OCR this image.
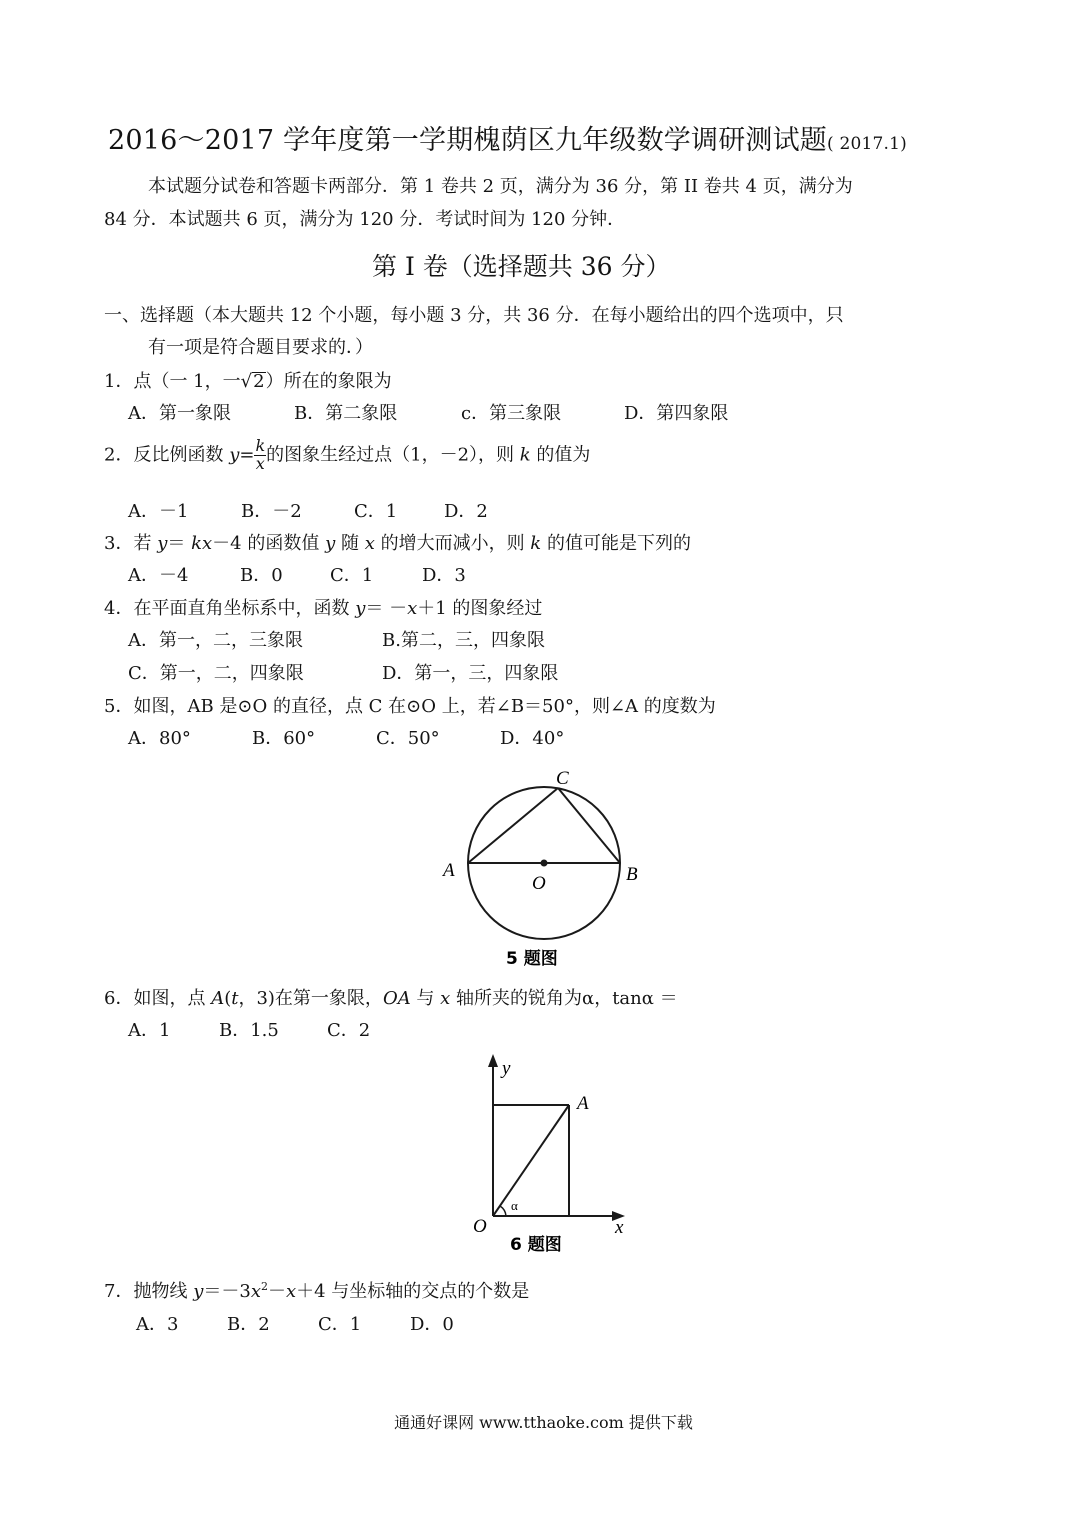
2016～2017 学年度第一学期槐荫区九年级数学调研测试题( 2017.1)
本试题分试卷和答题卡两部分．第 1 卷共 2 页，满分为 36 分，第 II 卷共 4 页，满分为
84 分．本试题共 6 页，满分为 120 分．考试时间为 120 分钟．
第 I 卷（选择题共 36 分）
一、选择题（本大题共 12 个小题，每小题 3 分，共 36 分．在每小题给出的四个选项中，只
有一项是符合题目要求的．）
1．点（一 1，一√2）所在的象限为
A．第一象限	B．第二象限	c．第三象限	D．第四象限
2．反比例函数 $y= \frac{k}{x}$ 的图象生经过点（1，－2），则 k 的值为
A．－1	B．－2	C．1	D．2
3．若 y＝ kx－4 的函数值 y 随 x 的增大而减小，则 k 的值可能是下列的
A．－4	B．0	C．1	D．3
4．在平面直角坐标系中，函数 y＝ －x＋1 的图象经过
A．第一，二，三象限	B.第二，三，四象限
C．第一，二，四象限	D．第一，三，四象限
5．如图，AB 是⊙O 的直径，点 C 在⊙O 上，若∠B＝50°，则∠A 的度数为
A．80°	B．60°	C．50°	D．40°
A	B
C
O
5 题图
6．如图，点 A(t，3)在第一象限，OA 与 x 轴所夹的锐角为α，tanα ＝
A．1	B．1.5	C．2
α
y
A
O	x
6 题图
7．抛物线 $y=-3x^2-x+4$ 与坐标轴的交点的个数是
A．3	B．2	C．1	D．0
通通好课网 www.tthaoke.com 提供下载
